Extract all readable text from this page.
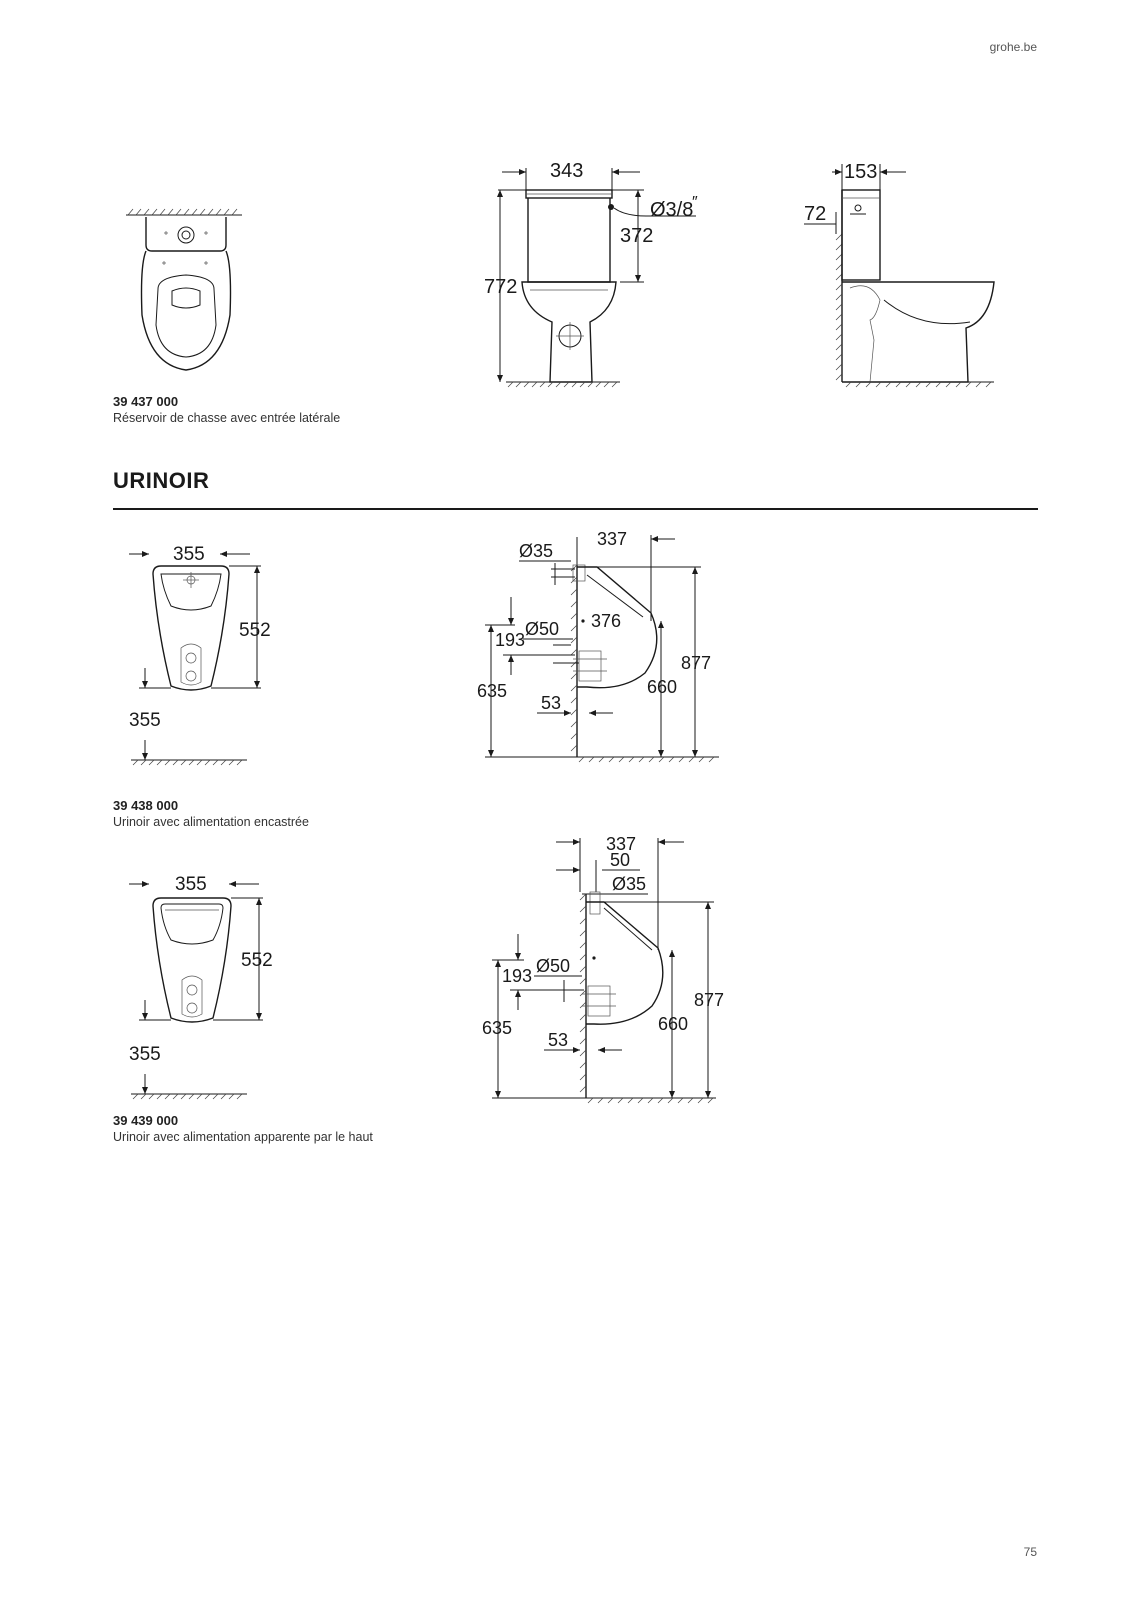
grohe.be
39 437 000
Réservoir de chasse avec entrée latérale
343
Ø3/8
″
372
772
153
72
URINOIR
355
552
355
337
Ø35
376
Ø50
193
635
53
660
877
39 438 000
Urinoir avec alimentation encastrée
355
552
355
337
50
Ø35
Ø50
193
635
53
660
877
39 439 000
Urinoir avec alimentation apparente par le haut
75
